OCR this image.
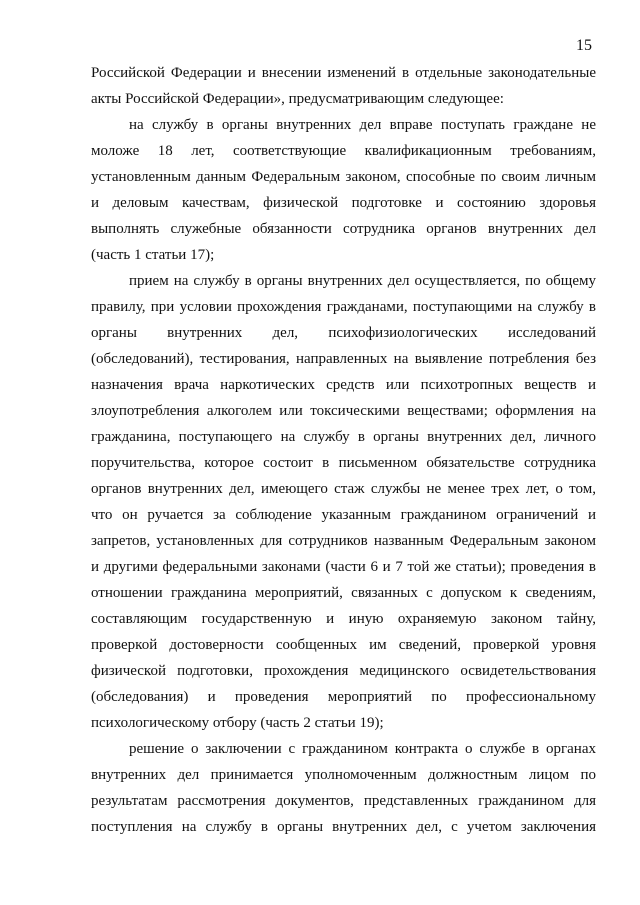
15
Российской Федерации и внесении изменений в отдельные законодательные
акты Российской Федерации», предусматривающим следующее:
на службу в органы внутренних дел вправе поступать граждане не
моложе 18 лет, соответствующие квалификационным требованиям,
установленным данным Федеральным законом, способные по своим личным
и деловым качествам, физической подготовке и состоянию здоровья
выполнять служебные обязанности сотрудника органов внутренних дел
(часть 1 статьи 17);
прием на службу в органы внутренних дел осуществляется, по общему
правилу, при условии прохождения гражданами, поступающими на службу в
органы внутренних дел, психофизиологических исследований
(обследований), тестирования, направленных на выявление потребления без
назначения врача наркотических средств или психотропных веществ и
злоупотребления алкоголем или токсическими веществами; оформления на
гражданина, поступающего на службу в органы внутренних дел, личного
поручительства, которое состоит в письменном обязательстве сотрудника
органов внутренних дел, имеющего стаж службы не менее трех лет, о том,
что он ручается за соблюдение указанным гражданином ограничений и
запретов, установленных для сотрудников названным Федеральным законом
и другими федеральными законами (части 6 и 7 той же статьи); проведения в
отношении гражданина мероприятий, связанных с допуском к сведениям,
составляющим государственную и иную охраняемую законом тайну,
проверкой достоверности сообщенных им сведений, проверкой уровня
физической подготовки, прохождения медицинского освидетельствования
(обследования) и проведения мероприятий по профессиональному
психологическому отбору (часть 2 статьи 19);
решение о заключении с гражданином контракта о службе в органах
внутренних дел принимается уполномоченным должностным лицом по
результатам рассмотрения документов, представленных гражданином для
поступления на службу в органы внутренних дел, с учетом заключения
